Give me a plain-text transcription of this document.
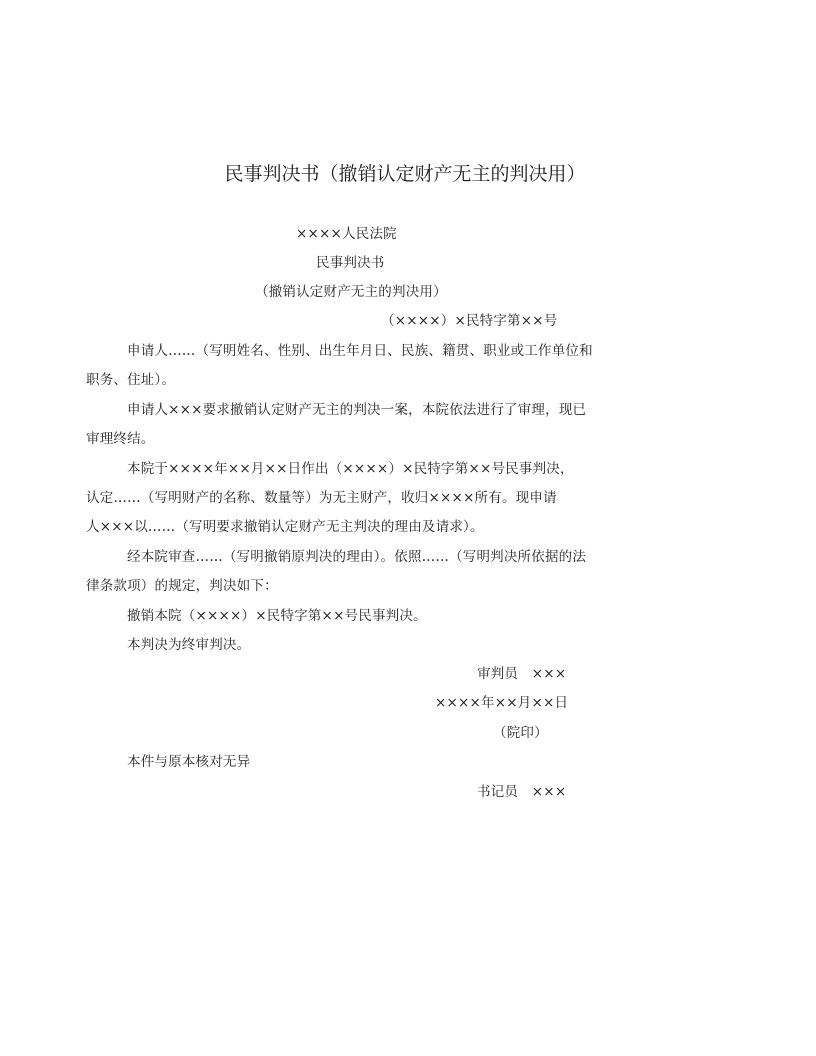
民事判决书（撤销认定财产无主的判决用）
××××人民法院
民事判决书
（撤销认定财产无主的判决用）
（××××）×民特字第××号
申请人……（写明姓名、性别、出生年月日、民族、籍贯、职业或工作单位和
职务、住址）。
申请人×××要求撤销认定财产无主的判决一案，本院依法进行了审理，现已
审理终结。
本院于××××年××月××日作出（××××）×民特字第××号民事判决，
认定……（写明财产的名称、数量等）为无主财产，收归××××所有。现申请
人×××以……（写明要求撤销认定财产无主判决的理由及请求）。
经本院审查……（写明撤销原判决的理由）。依照……（写明判决所依据的法
律条款项）的规定，判决如下：
撤销本院（××××）×民特字第××号民事判决。
本判决为终审判决。
审判员　×××
××××年××月××日
（院印）
本件与原本核对无异
书记员　×××
